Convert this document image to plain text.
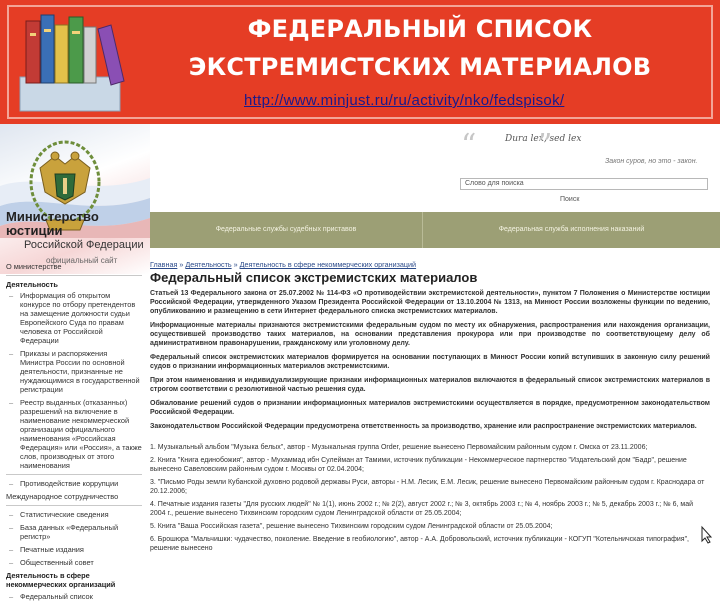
ФЕДЕРАЛЬНЫЙ СПИСОК
ЭКСТРЕМИСТСКИХ МАТЕРИАЛОВ
http://www.minjust.ru/ru/activity/nko/fedspisok/
“	Dura lex, sed lex
”	Закон суров, но это - закон.
Слово для поиска
Поиск
Министерство юстиции
Российской Федерации
официальный сайт
Федеральные службы судебных приставов	Федеральная служба исполнения наказаний
О министерстве
Деятельность
– Информация об открытом конкурсе по отбору претендентов на замещение должности судьи Европейского Суда по правам человека от Российской Федерации
– Приказы и распоряжения Министра России по основной деятельности, признанные не нуждающимися в государственной регистрации
– Реестр выданных (отказанных) разрешений на включение в наименование некоммерческой организации официального наименования «Российская Федерация» или «Россия», а также слов, производных от этого наименования
– Противодействие коррупции
Международное сотрудничество
– Статистические сведения
– База данных «Федеральный регистр»
– Печатные издания
– Общественный совет
Деятельность в сфере некоммерческих организаций
– Федеральный список
Главная » Деятельность » Деятельность в сфере некоммерческих организаций
Федеральный список экстремистских материалов
Статьей 13 Федерального закона от 25.07.2002 № 114-ФЗ «О противодействии экстремистской деятельности», пунктом 7 Положения о Министерстве юстиции Российской Федерации, утвержденного Указом Президента Российской Федерации от 13.10.2004 № 1313, на Минюст России возложены функции по ведению, опубликованию и размещению в сети Интернет федерального списка экстремистских материалов.
Информационные материалы признаются экстремистскими федеральным судом по месту их обнаружения, распространения или нахождения организации, осуществившей производство таких материалов, на основании представления прокурора или при производстве по соответствующему делу об административном правонарушении, гражданскому или уголовному делу.
Федеральный список экстремистских материалов формируется на основании поступающих в Минюст России копий вступивших в законную силу решений судов о признании информационных материалов экстремистскими.
При этом наименования и индивидуализирующие признаки информационных материалов включаются в федеральный список экстремистских материалов в строгом соответствии с резолютивной частью решения суда.
Обжалование решений судов о признании информационных материалов экстремистскими осуществляется в порядке, предусмотренном законодательством Российской Федерации.
Законодательством Российской Федерации предусмотрена ответственность за производство, хранение или распространение экстремистских материалов.
1. Музыкальный альбом "Музыка белых", автор - Музыкальная группа Order, решение вынесено Первомайским районным судом г. Омска от 23.11.2006;
2. Книга "Книга единобожия", автор - Мухаммад ибн Сулейман ат Тамими, источник публикации - Некоммерческое партнерство "Издательский дом "Бадр", решение вынесено Савеловским районным судом г. Москвы от 02.04.2004;
3. "Письмо Роды земли Кубанской духовно родовой державы Руси, авторы - Н.М. Лесик, Е.М. Лесик, решение вынесено Первомайским районным судом г. Краснодара от 20.12.2006;
4. Печатные издания газеты "Для русских людей" № 1(1), июнь 2002 г.; № 2(2), август 2002 г.; № 3, октябрь 2003 г.; № 4, ноябрь 2003 г.; № 5, декабрь 2003 г.; № 6, май 2004 г., решение вынесено Тихвинским городским судом Ленинградской области от 25.05.2004;
5. Книга "Ваша Российская газета", решение вынесено Тихвинским городским судом Ленинградской области от 25.05.2004;
6. Брошюра "Мальчишки: чудачество, поколение. Введение в геобиологию", автор - А.А. Добровольский, источник публикации - КОГУП "Котельничская типография", решение вынесено
